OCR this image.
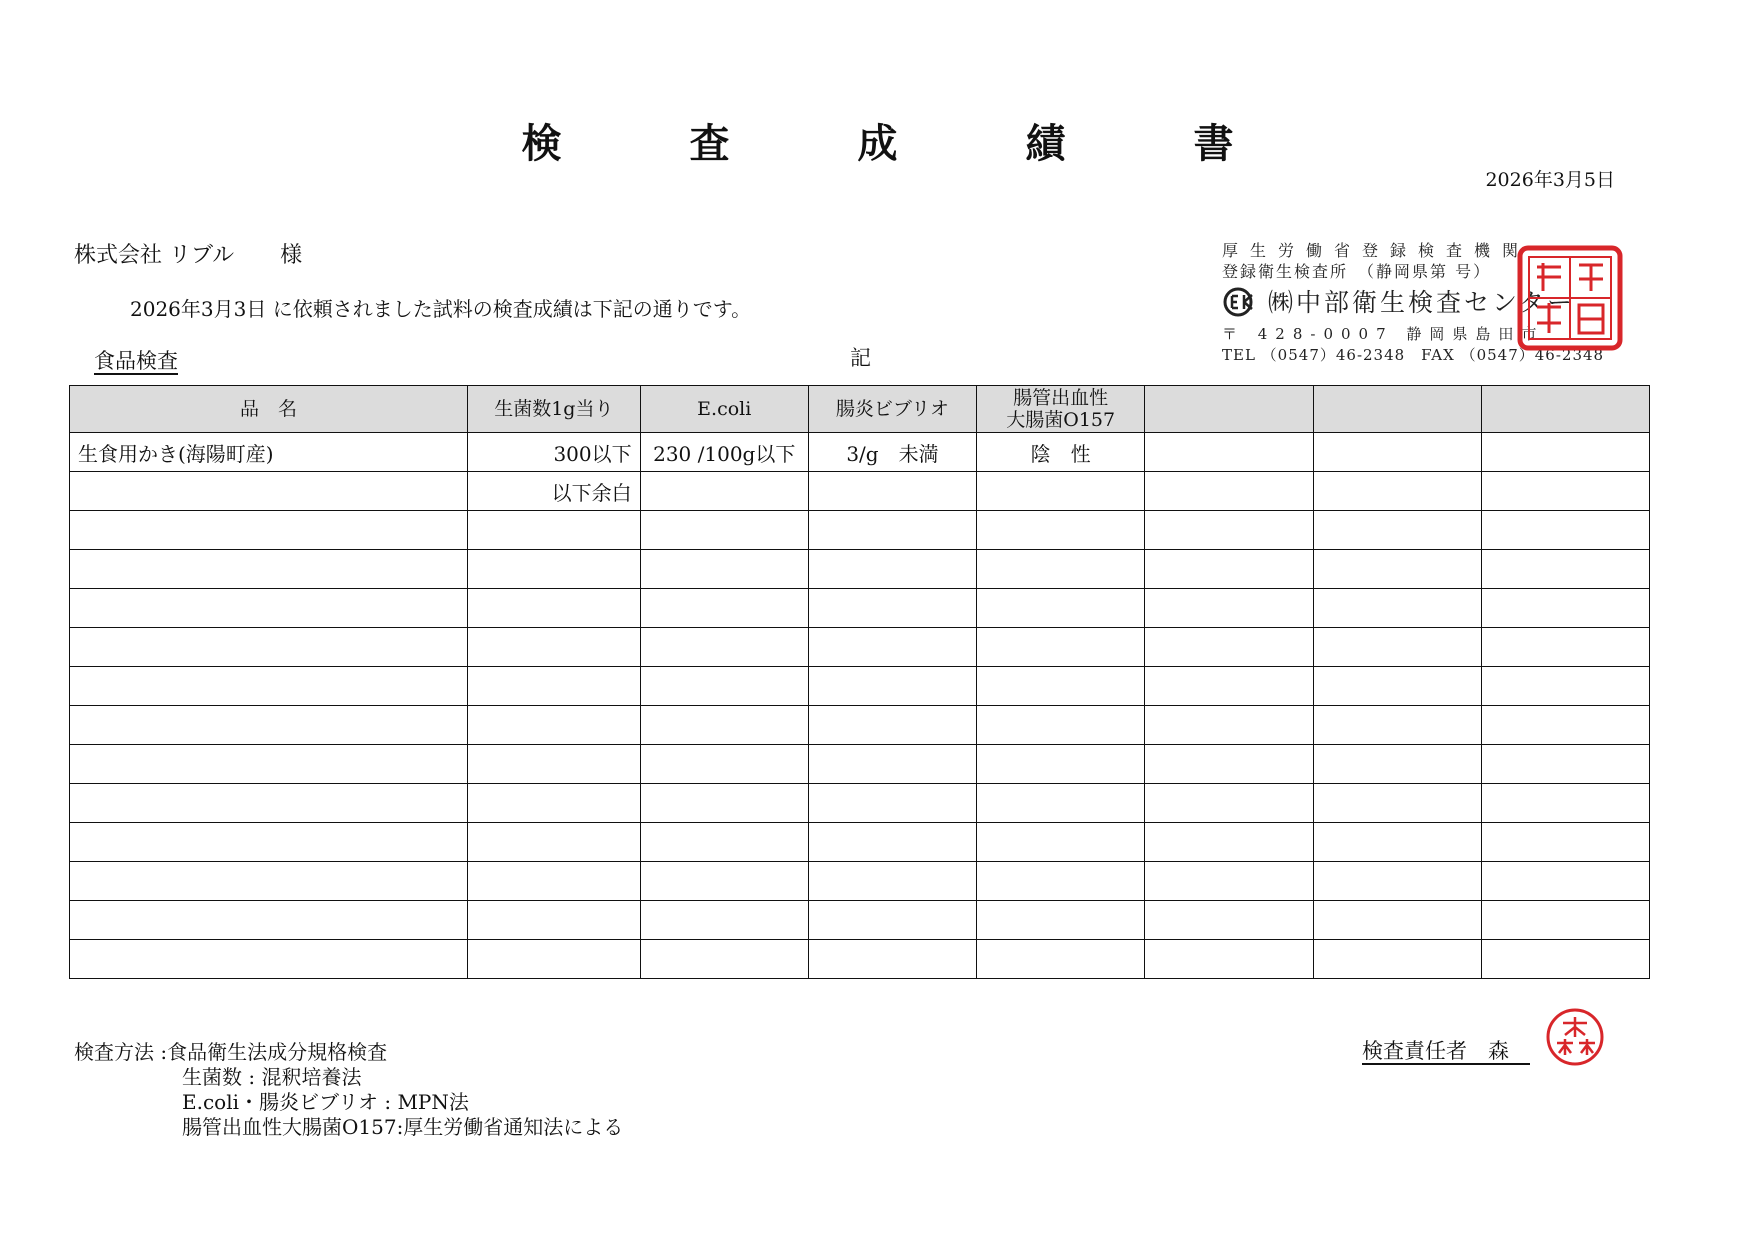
検　査　成　績　書
2026年3月5日
株式会社 リブル 様
2026年3月3日 に依頼されました試料の検査成績は下記の通りです。
食品検査	記
厚生労働省登録検査機関
登録衛生検査所　（静岡県第 号）
㈱中部衛生検査センター
〒 428-0007 静岡県島田市
TEL （0547）46-2348　FAX （0547）46-2348
品　名	生菌数1g当り	E.coli	腸炎ビブリオ	腸管出血性
大腸菌O157			
生食用かき(海陽町産)	300以下	230 /100g以下	3/g　未満	陰　性			
	以下余白						

検査方法 :食品衛生法成分規格検査
生菌数 : 混釈培養法
E.coli・腸炎ビブリオ : MPN法
腸管出血性大腸菌O157:厚生労働省通知法による
検査責任者　森　
